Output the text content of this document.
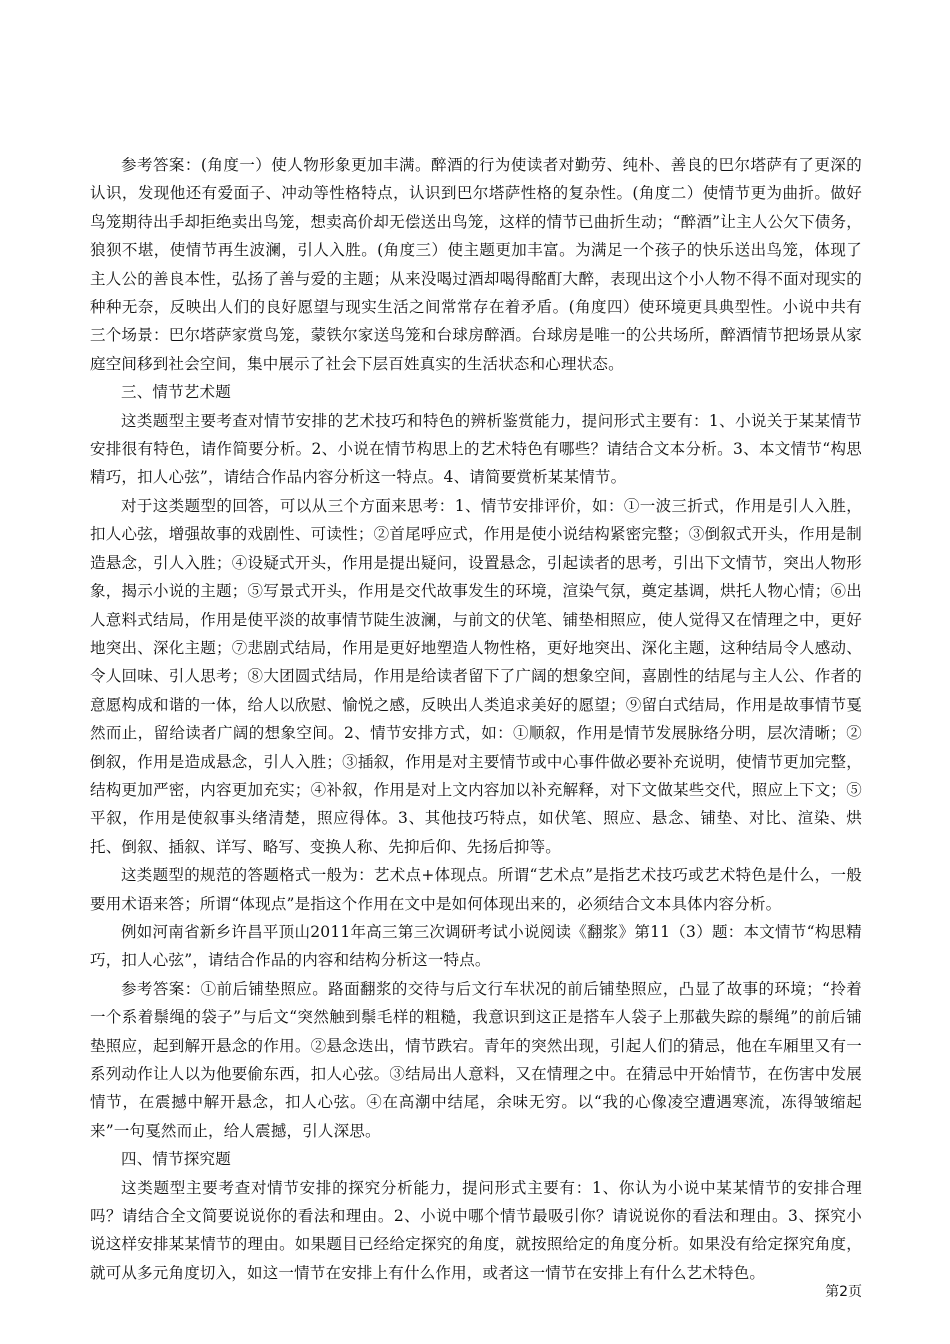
参考答案：(角度一）使人物形象更加丰满。醉酒的行为使读者对勤劳、纯朴、善良的巴尔塔萨有了更深的认识，发现他还有爱面子、冲动等性格特点，认识到巴尔塔萨性格的复杂性。(角度二）使情节更为曲折。做好鸟笼期待出手却拒绝卖出鸟笼，想卖高价却无偿送出鸟笼，这样的情节已曲折生动；“醉酒”让主人公欠下债务，狼狈不堪，使情节再生波澜，引人入胜。(角度三）使主题更加丰富。为满足一个孩子的快乐送出鸟笼，体现了主人公的善良本性，弘扬了善与爱的主题；从来没喝过酒却喝得酩酊大醉，表现出这个小人物不得不面对现实的种种无奈，反映出人们的良好愿望与现实生活之间常常存在着矛盾。(角度四）使环境更具典型性。小说中共有三个场景：巴尔塔萨家赏鸟笼，蒙铁尔家送鸟笼和台球房醉酒。台球房是唯一的公共场所，醉酒情节把场景从家庭空间移到社会空间，集中展示了社会下层百姓真实的生活状态和心理状态。

三、情节艺术题

这类题型主要考查对情节安排的艺术技巧和特色的辨析鉴赏能力，提问形式主要有：1、小说关于某某情节安排很有特色，请作简要分析。2、小说在情节构思上的艺术特色有哪些？请结合文本分析。3、本文情节“构思精巧，扣人心弦”，请结合作品内容分析这一特点。4、请简要赏析某某情节。

对于这类题型的回答，可以从三个方面来思考：1、情节安排评价，如：①一波三折式，作用是引人入胜，扣人心弦，增强故事的戏剧性、可读性；②首尾呼应式，作用是使小说结构紧密完整；③倒叙式开头，作用是制造悬念，引人入胜；④设疑式开头，作用是提出疑问，设置悬念，引起读者的思考，引出下文情节，突出人物形象，揭示小说的主题；⑤写景式开头，作用是交代故事发生的环境，渲染气氛，奠定基调，烘托人物心情；⑥出人意料式结局，作用是使平淡的故事情节陡生波澜，与前文的伏笔、铺垫相照应，使人觉得又在情理之中，更好地突出、深化主题；⑦悲剧式结局，作用是更好地塑造人物性格，更好地突出、深化主题，这种结局令人感动、令人回味、引人思考；⑧大团圆式结局，作用是给读者留下了广阔的想象空间，喜剧性的结尾与主人公、作者的意愿构成和谐的一体，给人以欣慰、愉悦之感，反映出人类追求美好的愿望；⑨留白式结局，作用是故事情节戛然而止，留给读者广阔的想象空间。2、情节安排方式，如：①顺叙，作用是情节发展脉络分明，层次清晰；②倒叙，作用是造成悬念，引人入胜；③插叙，作用是对主要情节或中心事件做必要补充说明，使情节更加完整，结构更加严密，内容更加充实；④补叙，作用是对上文内容加以补充解释，对下文做某些交代，照应上下文；⑤平叙，作用是使叙事头绪清楚，照应得体。3、其他技巧特点，如伏笔、照应、悬念、铺垫、对比、渲染、烘托、倒叙、插叙、详写、略写、变换人称、先抑后仰、先扬后抑等。

这类题型的规范的答题格式一般为：艺术点+体现点。所谓“艺术点”是指艺术技巧或艺术特色是什么，一般要用术语来答；所谓“体现点”是指这个作用在文中是如何体现出来的，必须结合文本具体内容分析。

例如河南省新乡许昌平顶山2011年高三第三次调研考试小说阅读《翻浆》第11（3）题：本文情节“构思精巧，扣人心弦”，请结合作品的内容和结构分析这一特点。

参考答案：①前后铺垫照应。路面翻浆的交待与后文行车状况的前后铺垫照应，凸显了故事的环境；“拎着一个系着鬃绳的袋子”与后文“突然触到鬃毛样的粗糙，我意识到这正是搭车人袋子上那截失踪的鬃绳”的前后铺垫照应，起到解开悬念的作用。②悬念迭出，情节跌宕。青年的突然出现，引起人们的猜忌，他在车厢里又有一系列动作让人以为他要偷东西，扣人心弦。③结局出人意料，又在情理之中。在猜忌中开始情节，在伤害中发展情节，在震撼中解开悬念，扣人心弦。④在高潮中结尾，余味无穷。以“我的心像凌空遭遇寒流，冻得皱缩起来”一句戛然而止，给人震撼，引人深思。

四、情节探究题

这类题型主要考查对情节安排的探究分析能力，提问形式主要有：1、你认为小说中某某情节的安排合理吗？请结合全文简要说说你的看法和理由。2、小说中哪个情节最吸引你？请说说你的看法和理由。3、探究小说这样安排某某情节的理由。如果题目已经给定探究的角度，就按照给定的角度分析。如果没有给定探究角度，就可从多元角度切入，如这一情节在安排上有什么作用，或者这一情节在安排上有什么艺术特色。

第2页
